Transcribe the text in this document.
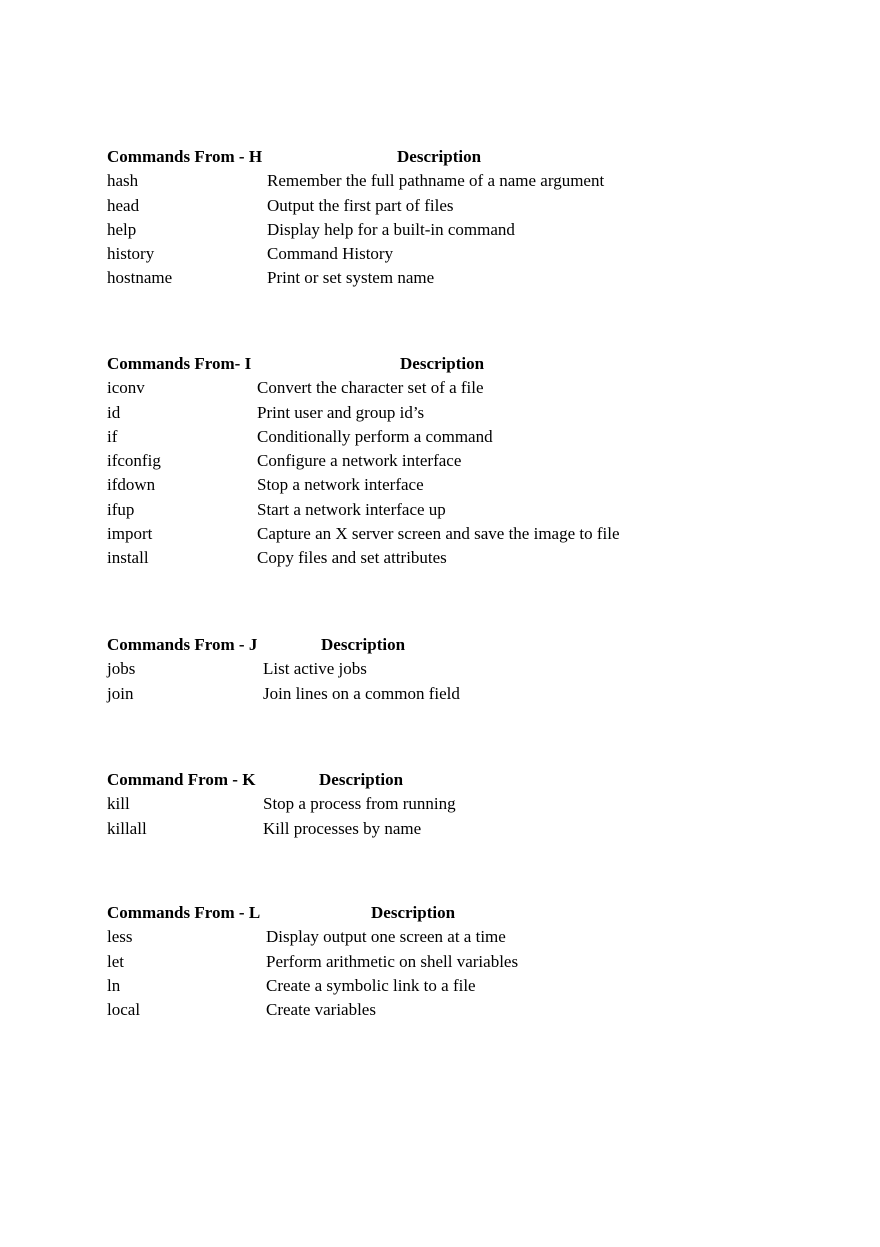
Commands From - H	Description
hash	Remember the full pathname of a name argument
head	Output the first part of files
help	Display help for a built-in command
history	Command History
hostname	Print or set system name
Commands From- I	Description
iconv	Convert the character set of a file
id	Print user and group id’s
if	Conditionally perform a command
ifconfig	Configure a network interface
ifdown	Stop a network interface
ifup	Start a network interface up
import	Capture an X server screen and save the image to file
install	Copy files and set attributes
Commands From - J	Description
jobs	List active jobs
join	Join lines on a common field
Command From - K	Description
kill	Stop a process from running
killall	Kill processes by name
Commands From - L	Description
less	Display output one screen at a time
let	Perform arithmetic on shell variables
ln	Create a symbolic link to a file
local	Create variables
